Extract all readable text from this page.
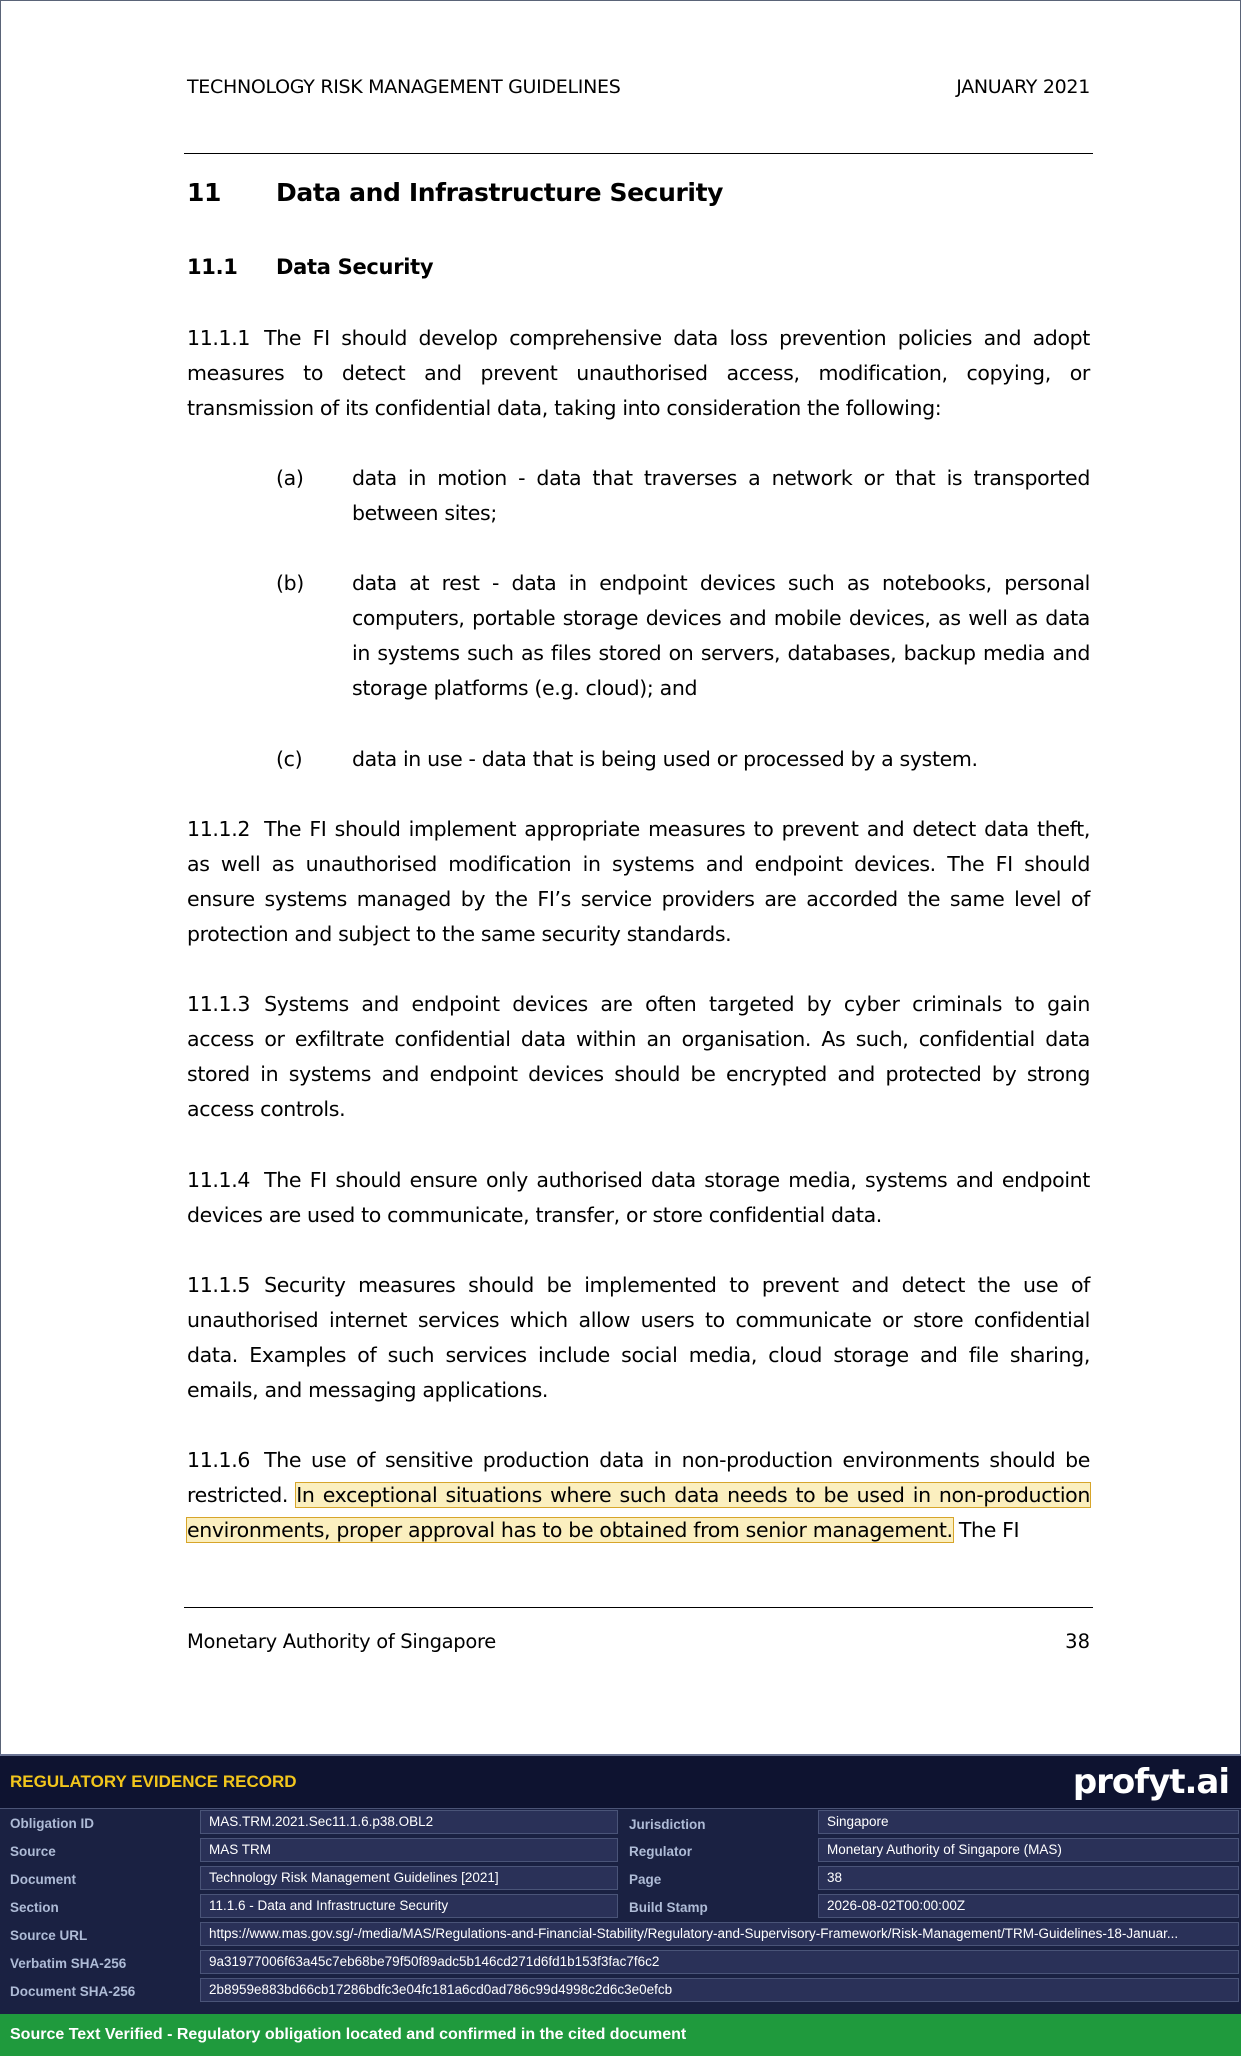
TECHNOLOGY RISK MANAGEMENT GUIDELINES	JANUARY 2021
11 Data and Infrastructure Security
11.1 Data Security

11.1.1 The FI should develop comprehensive data loss prevention policies and adopt measures to detect and prevent unauthorised access, modification, copying, or transmission of its confidential data, taking into consideration the following:

(a) data in motion - data that traverses a network or that is transported between sites;
(b) data at rest - data in endpoint devices such as notebooks, personal computers, portable storage devices and mobile devices, as well as data in systems such as files stored on servers, databases, backup media and storage platforms (e.g. cloud); and
(c) data in use - data that is being used or processed by a system.

11.1.2 The FI should implement appropriate measures to prevent and detect data theft, as well as unauthorised modification in systems and endpoint devices. The FI should ensure systems managed by the FI’s service providers are accorded the same level of protection and subject to the same security standards.

11.1.3 Systems and endpoint devices are often targeted by cyber criminals to gain access or exfiltrate confidential data within an organisation. As such, confidential data stored in systems and endpoint devices should be encrypted and protected by strong access controls.

11.1.4 The FI should ensure only authorised data storage media, systems and endpoint devices are used to communicate, transfer, or store confidential data.

11.1.5 Security measures should be implemented to prevent and detect the use of unauthorised internet services which allow users to communicate or store confidential data. Examples of such services include social media, cloud storage and file sharing, emails, and messaging applications.

11.1.6 The use of sensitive production data in non-production environments should be restricted. In exceptional situations where such data needs to be used in non-production environments, proper approval has to be obtained from senior management. The FI

Monetary Authority of Singapore	38
REGULATORY EVIDENCE RECORD	profyt.ai
Obligation ID	MAS.TRM.2021.Sec11.1.6.p38.OBL2
Source	MAS TRM
Document	Technology Risk Management Guidelines [2021]
Section	11.1.6 - Data and Infrastructure Security
Jurisdiction	Singapore
Regulator	Monetary Authority of Singapore (MAS)
Page	38
Build Stamp	2026-08-02T00:00:00Z
Source URL	https://www.mas.gov.sg/-/media/MAS/Regulations-and-Financial-Stability/Regulatory-and-Supervisory-Framework/Risk-Management/TRM-Guidelines-18-Januar...
Verbatim SHA-256	9a31977006f63a45c7eb68be79f50f89adc5b146cd271d6fd1b153f3fac7f6c2
Document SHA-256	2b8959e883bd66cb17286bdfc3e04fc181a6cd0ad786c99d4998c2d6c3e0efcb
Source Text Verified - Regulatory obligation located and confirmed in the cited document
